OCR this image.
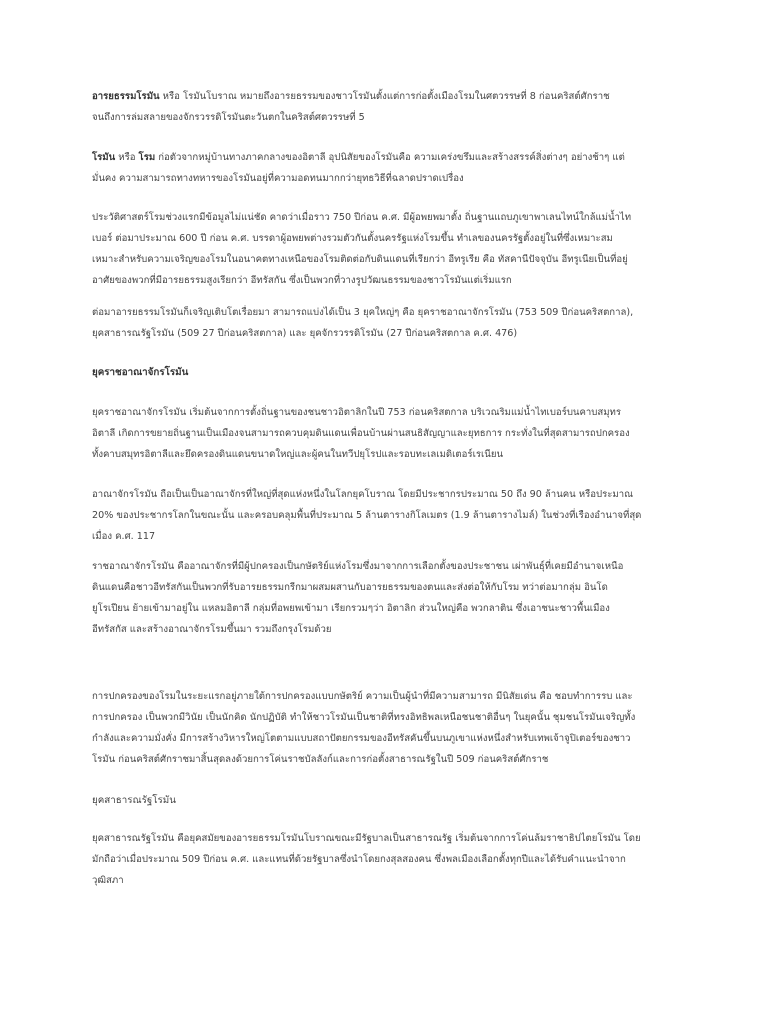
อารยธรรมโรมัน หรือ โรมันโบราณ หมายถึงอารยธรรมของชาวโรมันตั้งแต่การก่อตั้งเมืองโรมในศตวรรษที่ 8 ก่อนคริสต์ศักราช
จนถึงการล่มสลายของจักรวรรดิโรมันตะวันตกในคริสต์ศตวรรษที่ 5
โรมัน หรือ โรม ก่อตัวจากหมู่บ้านทางภาคกลางของอิตาลี อุปนิสัยของโรมันคือ ความเคร่งขรึมและสร้างสรรค์สิ่งต่างๆ อย่างช้าๆ แต่
มั่นคง ความสามารถทางทหารของโรมันอยู่ที่ความอดทนมากกว่ายุทธวิธีที่ฉลาดปราดเปรื่อง
ประวัติศาสตร์โรมช่วงแรกมีข้อมูลไม่แน่ชัด คาดว่าเมื่อราว 750 ปีก่อน ค.ศ. มีผู้อพยพมาตั้ง ถิ่นฐานแถบภูเขาพาเลนไทน์ใกล้แม่น้ำไท
เบอร์ ต่อมาประมาณ 600 ปี ก่อน ค.ศ. บรรดาผู้อพยพต่างรวมตัวกันตั้งนครรัฐแห่งโรมขึ้น ทำเลของนครรัฐตั้งอยู่ในที่ซึ่งเหมาะสม
เหมาะสำหรับความเจริญของโรมในอนาคตทางเหนือของโรมติดต่อกับดินแดนที่เรียกว่า อีทรูเรีย คือ ทัสคานีปัจจุบัน อีทรูเนียเป็นที่อยู่
อาศัยของพวกที่มีอารยธรรมสูงเรียกว่า อีทรัสกัน ซึ่งเป็นพวกที่วางรูปวัฒนธรรมของชาวโรมันแต่เริ่มแรก
ต่อมาอารยธรรมโรมันก็เจริญเติบโตเรื่อยมา สามารถแบ่งได้เป็น 3 ยุคใหญ่ๆ คือ ยุคราชอาณาจักรโรมัน (753 509 ปีก่อนคริสตกาล),
ยุคสาธารณรัฐโรมัน (509 27 ปีก่อนคริสตกาล) และ ยุคจักรวรรดิโรมัน (27 ปีก่อนคริสตกาล ค.ศ. 476)
ยุคราชอาณาจักรโรมัน
ยุคราชอาณาจักรโรมัน เริ่มต้นจากการตั้งถิ่นฐานของชนชาวอิตาลิกในปี 753 ก่อนคริสตกาล บริเวณริมแม่น้ำไทเบอร์บนคาบสมุทร
อิตาลี เกิดการขยายถิ่นฐานเป็นเมืองจนสามารถควบคุมดินแดนเพื่อนบ้านผ่านสนธิสัญญาและยุทธการ กระทั่งในที่สุดสามารถปกครอง
ทั้งคาบสมุทรอิตาลีและยึดครองดินแดนขนาดใหญ่และผู้คนในทวีปยุโรปและรอบทะเลเมดิเตอร์เรเนียน
อาณาจักรโรมัน ถือเป็นเป็นอาณาจักรที่ใหญ่ที่สุดแห่งหนึ่งในโลกยุคโบราณ โดยมีประชากรประมาณ 50 ถึง 90 ล้านคน หรือประมาณ
20% ของประชากรโลกในขณะนั้น และครอบคลุมพื้นที่ประมาณ 5 ล้านตารางกิโลเมตร (1.9 ล้านตารางไมล์) ในช่วงที่เรืองอำนาจที่สุด
เมื่อง ค.ศ. 117
ราชอาณาจักรโรมัน คืออาณาจักรที่มีผู้ปกครองเป็นกษัตริย์แห่งโรมซึ่งมาจากการเลือกตั้งของประชาชน เผ่าพันธุ์ที่เคยมีอำนาจเหนือ
ดินแดนคือชาวอีทรัสกันเป็นพวกที่รับอารยธรรมกรีกมาผสมผสานกับอารยธรรมของตนและส่งต่อให้กับโรม ทว่าต่อมากลุ่ม อินโด
ยูโรเปียน ย้ายเข้ามาอยู่ใน แหลมอิตาลี กลุ่มที่อพยพเข้ามา เรียกรวมๆว่า อิตาลิก ส่วนใหญ่คือ พวกลาติน ซึ่งเอาชนะชาวพื้นเมือง
อีทรัสกัส และสร้างอาณาจักรโรมขึ้นมา รวมถึงกรุงโรมด้วย
การปกครองของโรมในระยะแรกอยู่ภายใต้การปกครองแบบกษัตริย์ ความเป็นผู้นำที่มีความสามารถ มีนิสัยเด่น คือ ชอบทำการรบ และ
การปกครอง เป็นพวกมีวินัย เป็นนักคิด นักปฏิบัติ ทำให้ชาวโรมันเป็นชาติที่ทรงอิทธิพลเหนือชนชาติอื่นๆ ในยุคนั้น ชุมชนโรมันเจริญทั้ง
กำลังและความมั่งคั่ง มีการสร้างวิหารใหญ่โตตามแบบสถาปัตยกรรมของอีทรัสคันขึ้นบนภูเขาแห่งหนึ่งสำหรับเทพเจ้าจูปิเตอร์ของชาว
โรมัน ก่อนคริสต์ศักราชมาสิ้นสุดลงด้วยการโค่นราชบัลลังก์และการก่อตั้งสาธารณรัฐในปี 509 ก่อนคริสต์ศักราช
ยุคสาธารณรัฐโรมัน
ยุคสาธารณรัฐโรมัน คือยุคสมัยของอารยธรรมโรมันโบราณขณะมีรัฐบาลเป็นสาธารณรัฐ เริ่มต้นจากการโค่นล้มราชาธิปไตยโรมัน โดย
มักถือว่าเมื่อประมาณ 509 ปีก่อน ค.ศ. และแทนที่ด้วยรัฐบาลซึ่งนำโดยกงสุลสองคน ซึ่งพลเมืองเลือกตั้งทุกปีและได้รับคำแนะนำจาก
วุฒิสภา
